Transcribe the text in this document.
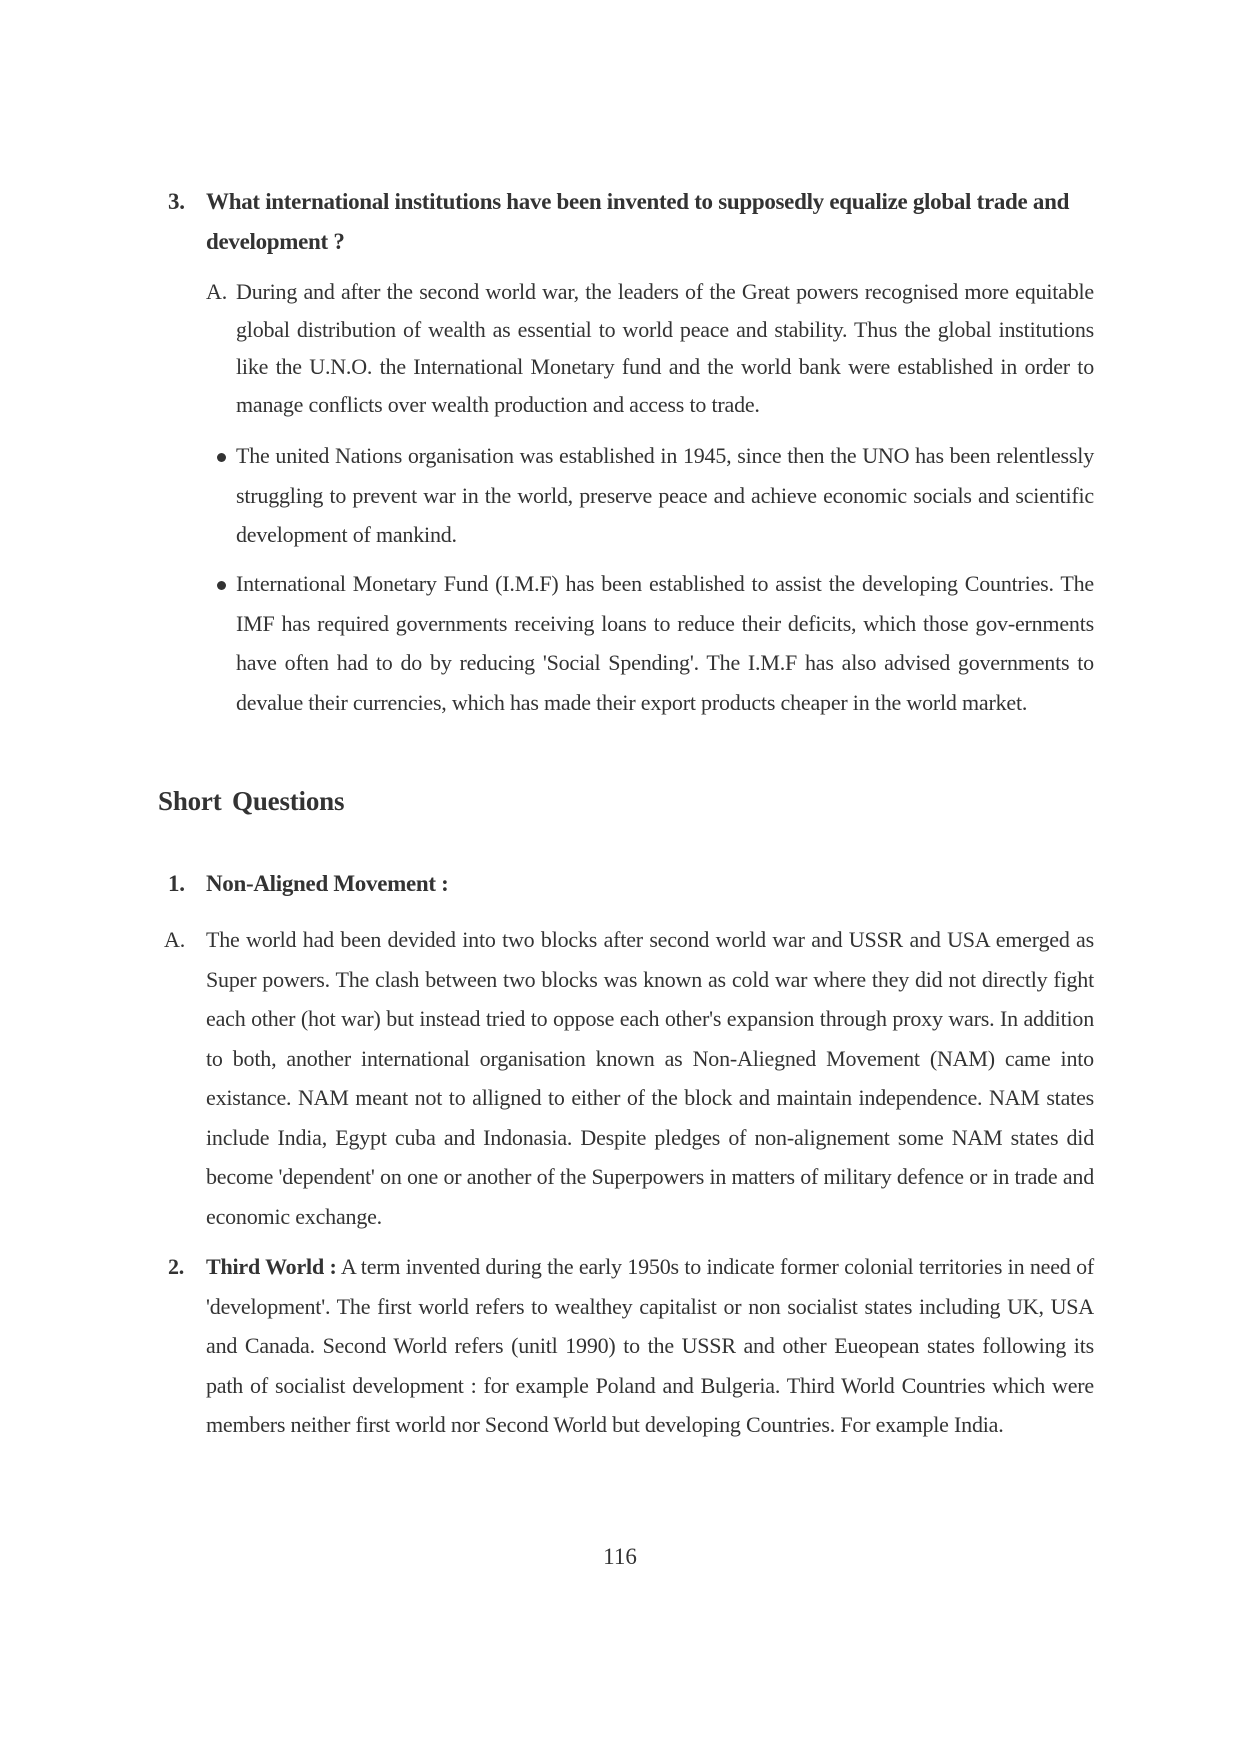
3. What international institutions have been invented to supposedly equalize global trade and development ?
A. During and after the second world war, the leaders of the Great powers recognised more equitable global distribution of wealth as essential to world peace and stability. Thus the global institutions like the U.N.O. the International Monetary fund and the world bank were established in order to manage conflicts over wealth production and access to trade.
The united Nations organisation was established in 1945, since then the UNO has been relentlessly struggling to prevent war in the world, preserve peace and achieve economic socials and scientific development of mankind.
International Monetary Fund (I.M.F) has been established to assist the developing Countries. The IMF has required governments receiving loans to reduce their deficits, which those gov-ernments have often had to do by reducing 'Social Spending'. The I.M.F has also advised governments to devalue their currencies, which has made their export products cheaper in the world market.
Short Questions
1. Non-Aligned Movement :
A. The world had been devided into two blocks after second world war and USSR and USA emerged as Super powers. The clash between two blocks was known as cold war where they did not directly fight each other (hot war) but instead tried to oppose each other's expansion through proxy wars. In addition to both, another international organisation known as Non-Aliegned Movement (NAM) came into existance. NAM meant not to alligned to either of the block and maintain independence. NAM states include India, Egypt cuba and Indonasia. Despite pledges of non-alignement some NAM states did become 'dependent' on one or another of the Superpowers in matters of military defence or in trade and economic exchange.
2. Third World : A term invented during the early 1950s to indicate former colonial territories in need of 'development'. The first world refers to wealthey capitalist or non socialist states including UK, USA and Canada. Second World refers (unitl 1990) to the USSR and other Eueopean states following its path of socialist development : for example Poland and Bulgeria. Third World Countries which were members neither first world nor Second World but developing Countries. For example India.
116
